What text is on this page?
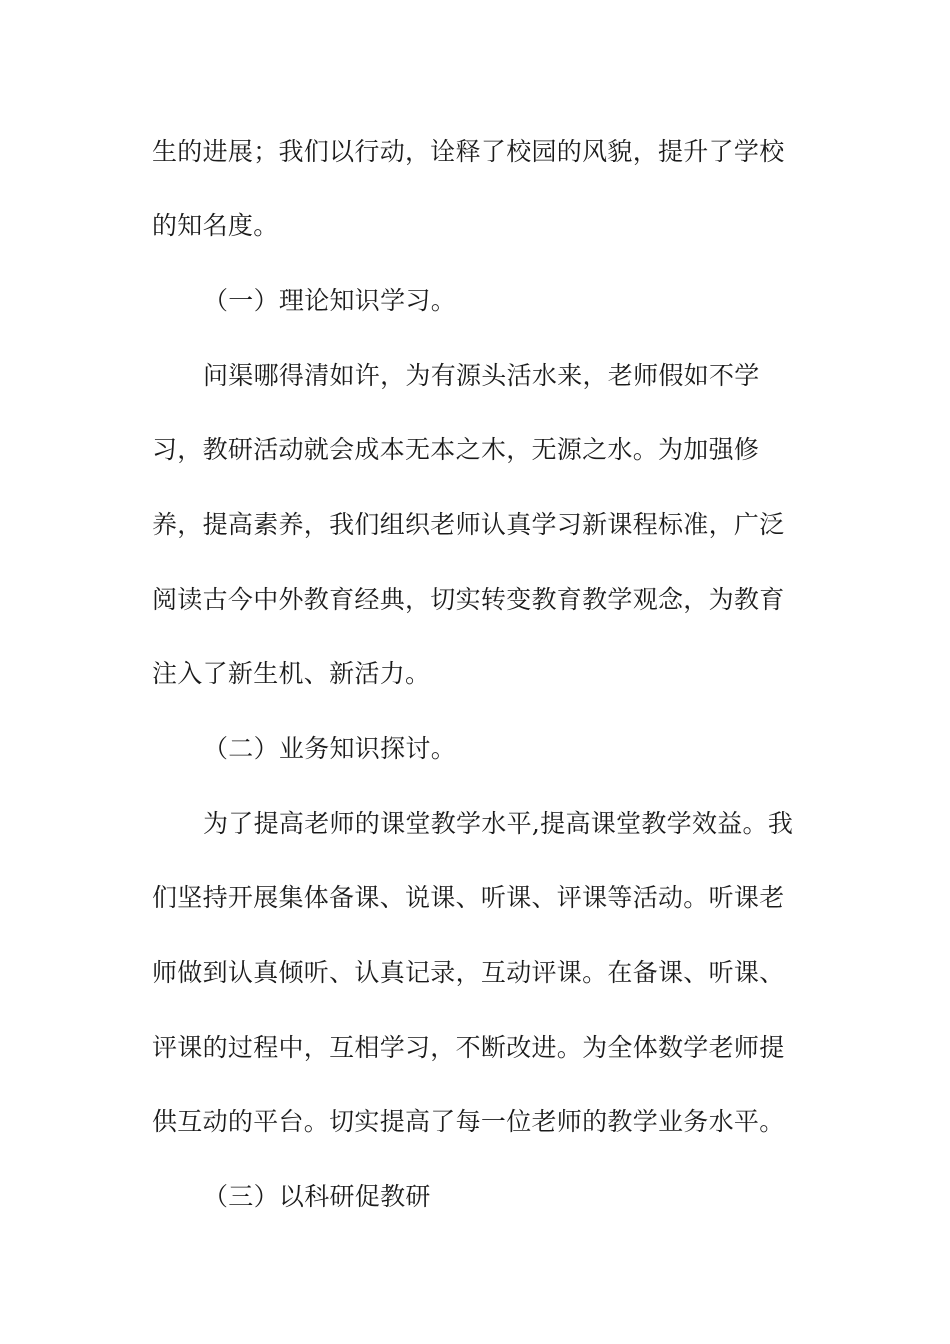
生的进展；我们以行动，诠释了校园的风貌，提升了学校
的知名度。
（一）理论知识学习。
问渠哪得清如许，为有源头活水来，老师假如不学
习，教研活动就会成本无本之木，无源之水。为加强修
养，提高素养，我们组织老师认真学习新课程标准，广泛
阅读古今中外教育经典，切实转变教育教学观念，为教育
注入了新生机、新活力。
（二）业务知识探讨。
为了提高老师的课堂教学水平,提高课堂教学效益。我
们坚持开展集体备课、说课、听课、评课等活动。听课老
师做到认真倾听、认真记录，互动评课。在备课、听课、
评课的过程中，互相学习，不断改进。为全体数学老师提
供互动的平台。切实提高了每一位老师的教学业务水平。
（三）以科研促教研
